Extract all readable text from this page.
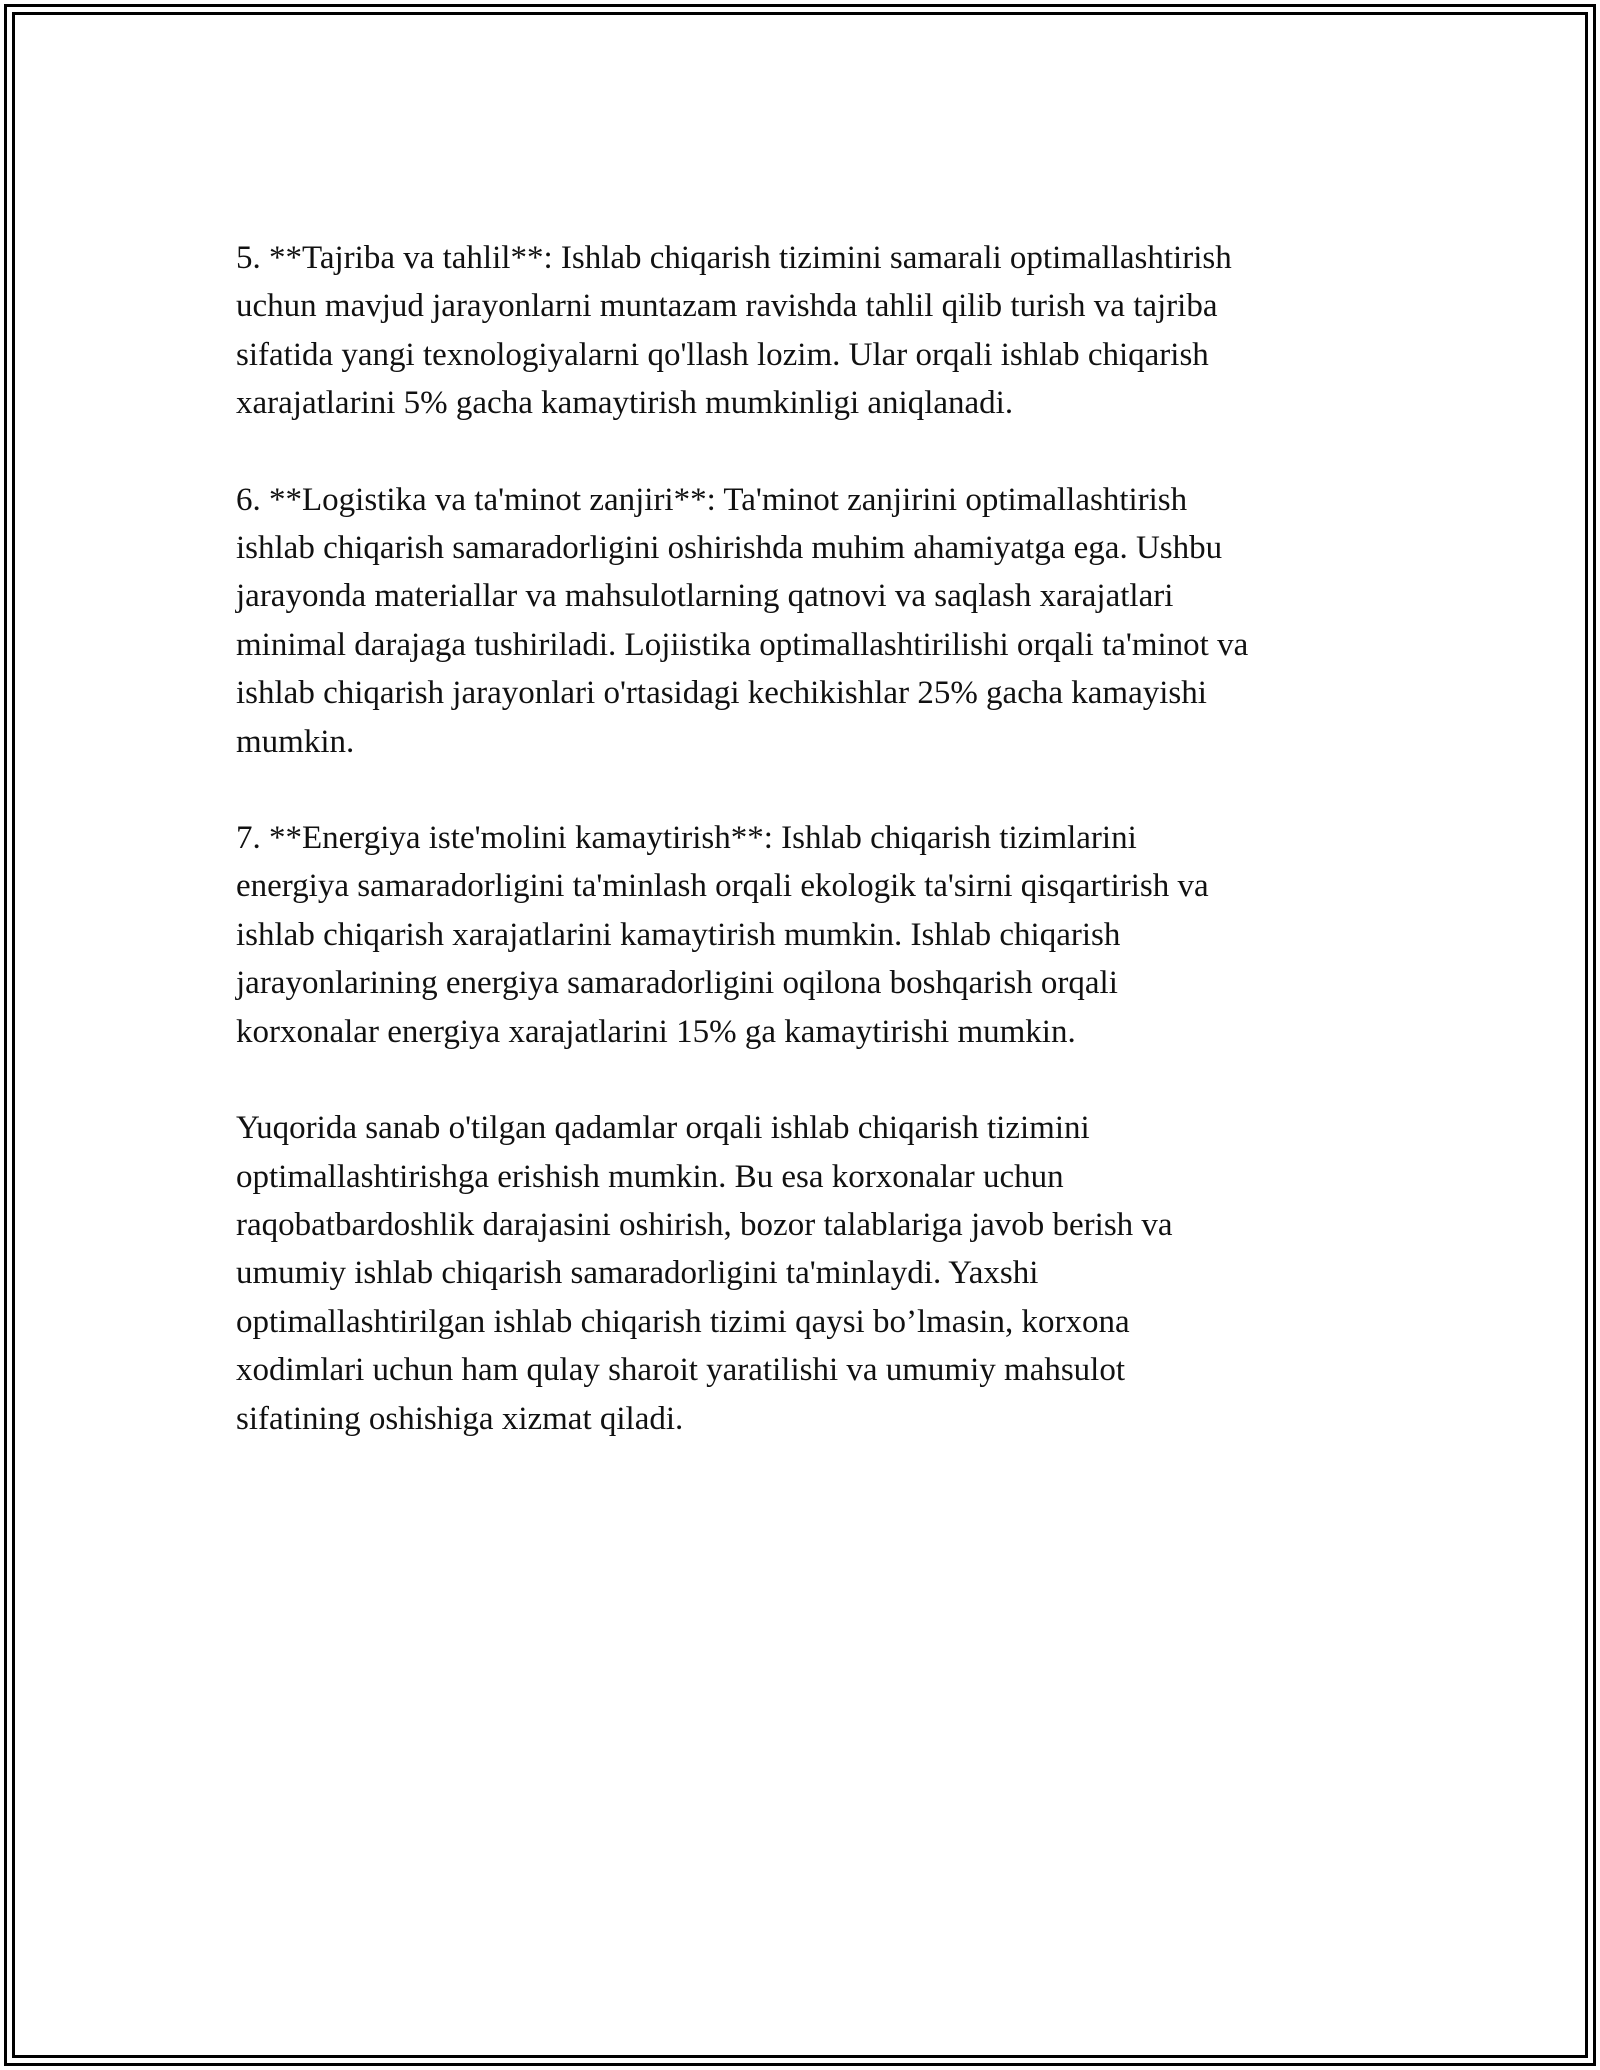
5. **Tajriba va tahlil**: Ishlab chiqarish tizimini samarali optimallashtirish
uchun mavjud jarayonlarni muntazam ravishda tahlil qilib turish va tajriba
sifatida yangi texnologiyalarni qo'llash lozim. Ular orqali ishlab chiqarish
xarajatlarini 5% gacha kamaytirish mumkinligi aniqlanadi.

6. **Logistika va ta'minot zanjiri**: Ta'minot zanjirini optimallashtirish
ishlab chiqarish samaradorligini oshirishda muhim ahamiyatga ega. Ushbu
jarayonda materiallar va mahsulotlarning qatnovi va saqlash xarajatlari
minimal darajaga tushiriladi. Lojiistika optimallashtirilishi orqali ta'minot va
ishlab chiqarish jarayonlari o'rtasidagi kechikishlar 25% gacha kamayishi
mumkin.

7. **Energiya iste'molini kamaytirish**: Ishlab chiqarish tizimlarini
energiya samaradorligini ta'minlash orqali ekologik ta'sirni qisqartirish va
ishlab chiqarish xarajatlarini kamaytirish mumkin. Ishlab chiqarish
jarayonlarining energiya samaradorligini oqilona boshqarish orqali
korxonalar energiya xarajatlarini 15% ga kamaytirishi mumkin.

Yuqorida sanab o'tilgan qadamlar orqali ishlab chiqarish tizimini
optimallashtirishga erishish mumkin. Bu esa korxonalar uchun
raqobatbardoshlik darajasini oshirish, bozor talablariga javob berish va
umumiy ishlab chiqarish samaradorligini ta'minlaydi. Yaxshi
optimallashtirilgan ishlab chiqarish tizimi qaysi bo’lmasin, korxona
xodimlari uchun ham qulay sharoit yaratilishi va umumiy mahsulot
sifatining oshishiga xizmat qiladi.
